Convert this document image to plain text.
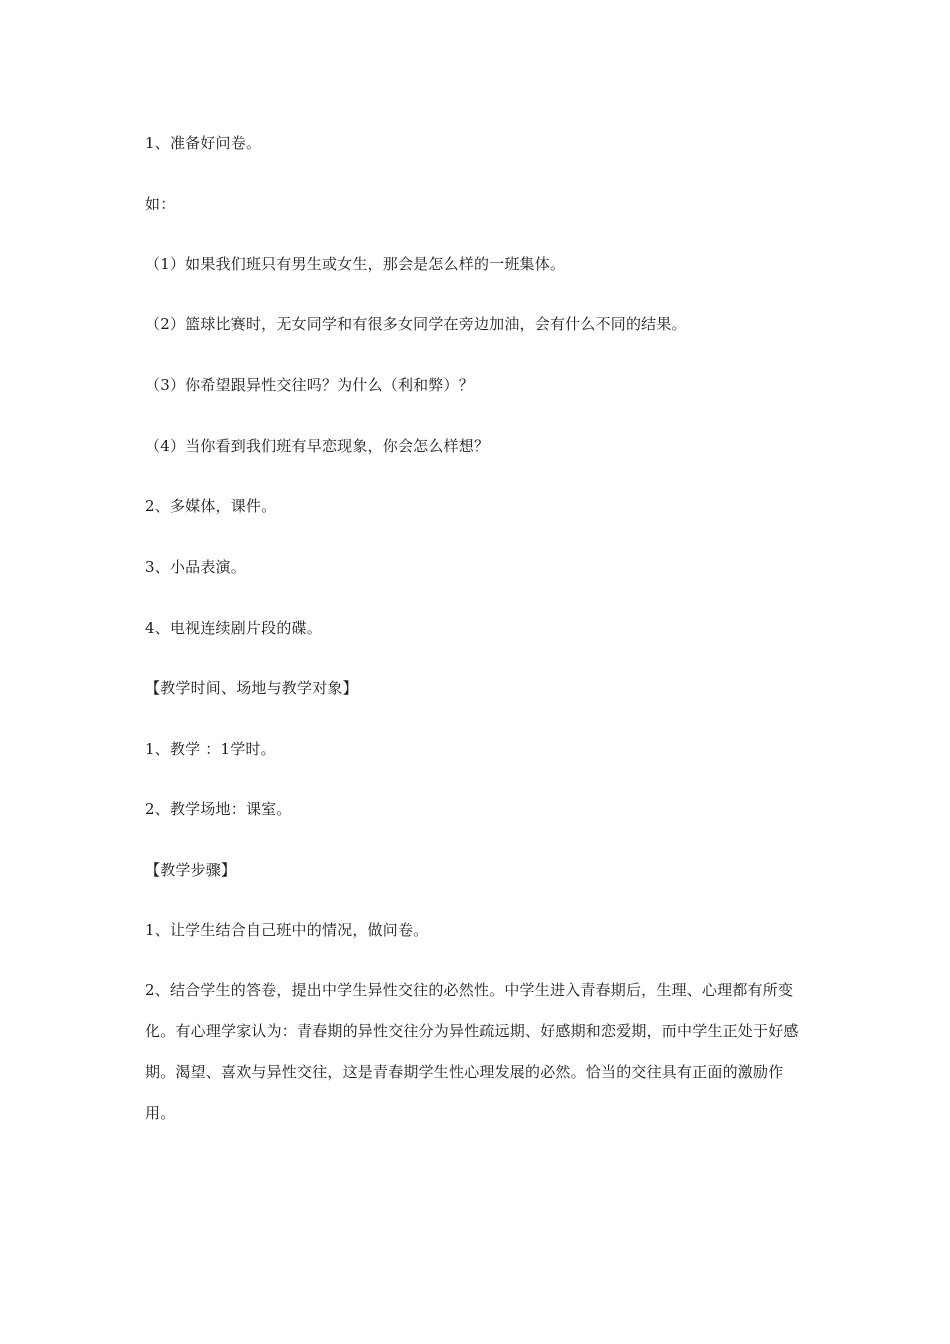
1、准备好问卷。
如：
（1）如果我们班只有男生或女生，那会是怎么样的一班集体。
（2）篮球比赛时，无女同学和有很多女同学在旁边加油，会有什么不同的结果。
（3）你希望跟异性交往吗？为什么（利和弊）？
（4）当你看到我们班有早恋现象，你会怎么样想？
2、多媒体，课件。
3、小品表演。
4、电视连续剧片段的碟。
【教学时间、场地与教学对象】
1、教学 ：1学时。
2、教学场地：课室。
【教学步骤】
1、让学生结合自己班中的情况，做问卷。
2、结合学生的答卷，提出中学生异性交往的必然性。中学生进入青春期后，生理、心理都有所变化。有心理学家认为：青春期的异性交往分为异性疏远期、好感期和恋爱期，而中学生正处于好感期。渴望、喜欢与异性交往，这是青春期学生性心理发展的必然。恰当的交往具有正面的激励作用。
